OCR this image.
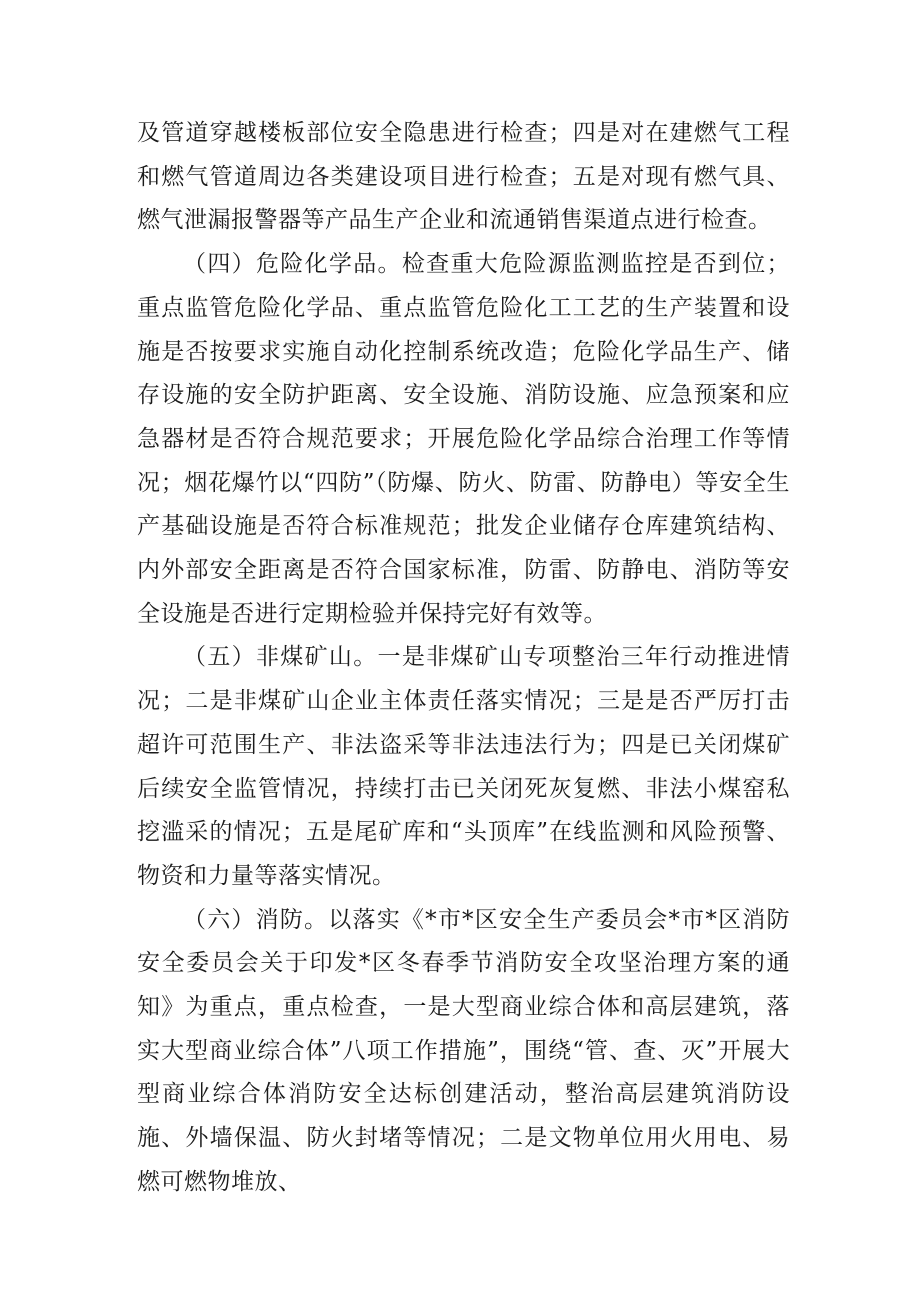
及管道穿越楼板部位安全隐患进行检查；四是对在建燃气工程和燃气管道周边各类建设项目进行检查；五是对现有燃气具、燃气泄漏报警器等产品生产企业和流通销售渠道点进行检查。

（四）危险化学品。检查重大危险源监测监控是否到位；重点监管危险化学品、重点监管危险化工工艺的生产装置和设施是否按要求实施自动化控制系统改造；危险化学品生产、储存设施的安全防护距离、安全设施、消防设施、应急预案和应急器材是否符合规范要求；开展危险化学品综合治理工作等情况；烟花爆竹以“四防”（防爆、防火、防雷、防静电）等安全生产基础设施是否符合标准规范；批发企业储存仓库建筑结构、内外部安全距离是否符合国家标准，防雷、防静电、消防等安全设施是否进行定期检验并保持完好有效等。

（五）非煤矿山。一是非煤矿山专项整治三年行动推进情况；二是非煤矿山企业主体责任落实情况；三是是否严厉打击超许可范围生产、非法盗采等非法违法行为；四是已关闭煤矿后续安全监管情况，持续打击已关闭死灰复燃、非法小煤窑私挖滥采的情况；五是尾矿库和“头顶库”在线监测和风险预警、物资和力量等落实情况。

（六）消防。以落实《*市*区安全生产委员会*市*区消防安全委员会关于印发*区冬春季节消防安全攻坚治理方案的通知》为重点，重点检查，一是大型商业综合体和高层建筑，落实大型商业综合体”八项工作措施”，围绕“管、查、灭”开展大型商业综合体消防安全达标创建活动，整治高层建筑消防设施、外墙保温、防火封堵等情况；二是文物单位用火用电、易燃可燃物堆放、
